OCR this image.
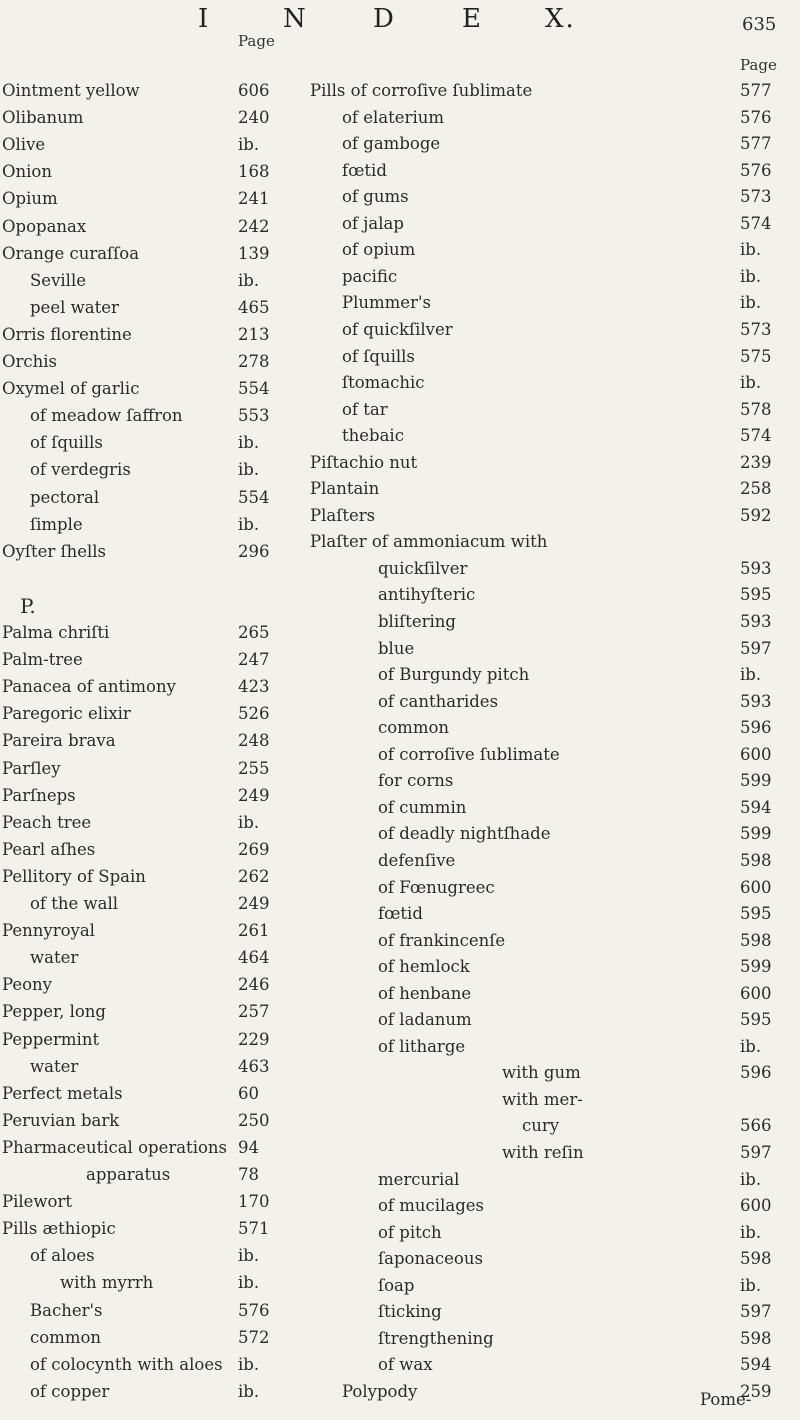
I	N	D	E X.	635
Page
Page
Ointment yellow	606
Olibanum	240
Olive	ib.
Onion	168
Opium	241
Opopanax	242
Orange curaſſoa	139
Seville	ib.
peel water	465
Orris florentine	213
Orchis	278
Oxymel of garlic	554
of meadow ſaffron	553
of ſquills	ib.
of verdegris	ib.
pectoral	554
ſimple	ib.
Oyſter ſhells	296
P.
Palma chriſti	265
Palm-tree	247
Panacea of antimony	423
Paregoric elixir	526
Pareira brava	248
Parſley	255
Parſneps	249
Peach tree	ib.
Pearl aſhes	269
Pellitory of Spain	262
of the wall	249
Pennyroyal	261
water	464
Peony	246
Pepper, long	257
Peppermint	229
water	463
Perfect metals	60
Peruvian bark	250
Pharmaceutical operations 94
apparatus	78
Pilewort	170
Pills æthiopic	571
of aloes	ib.
with myrrh	ib.
Bacher's	576
common	572
of colocynth with aloes ib.
of copper	ib.
Pills of corroſive ſublimate	577
of elaterium	576
of gamboge	577
fœtid	576
of gums	573
of jalap	574
of opium	ib.
pacific	ib.
Plummer's	ib.
of quickſilver	573
of ſquills	575
ſtomachic	ib.
of tar	578
thebaic	574
Piſtachio nut	239
Plantain	258
Plaſters	592
Plaſter of ammoniacum with
quickſilver	593
antihyſteric	595
bliſtering	593
blue	597
of Burgundy pitch	ib.
of cantharides	593
common	596
of corroſive ſublimate	600
for corns	599
of cummin	594
of deadly nightſhade	599
defenſive	598
of Fœnugreec	600
fœtid	595
of frankincenſe	598
of hemlock	599
of henbane	600
of ladanum	595
of litharge	ib.
with gum	596
with mer-
cury	566
with reſin	597
mercurial	ib.
of mucilages	600
of pitch	ib.
ſaponaceous	598
ſoap	ib.
ſticking	597
ſtrengthening	598
of wax	594
Polypody	259
Pome-
